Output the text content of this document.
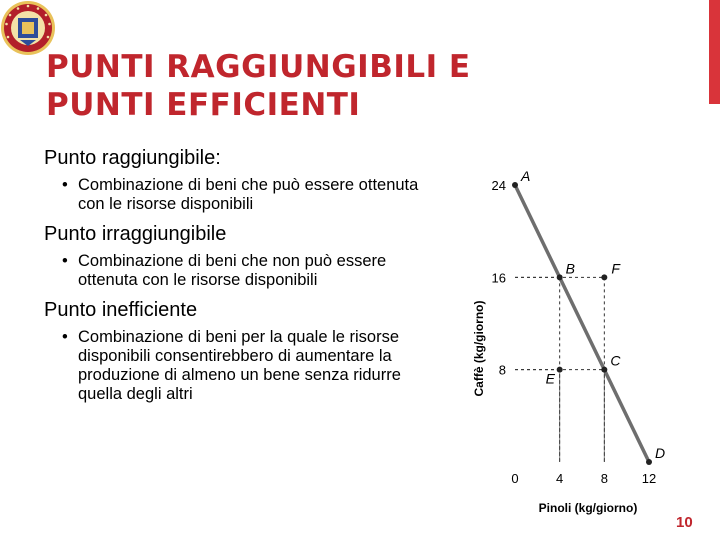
PUNTI RAGGIUNGIBILI E
PUNTI EFFICIENTI

Punto raggiungibile:

• Combinazione di beni che può essere ottenuta con le risorse disponibili

Punto irraggiungibile

• Combinazione di beni che non può essere ottenuta con le risorse disponibili

Punto inefficiente

• Combinazione di beni per la quale le risorse disponibili consentirebbero di aumentare la produzione di almeno un bene senza ridurre quella degli altri

24
16
8
0	4	8	12
A
B
C
D
E
F
Pinoli (kg/giorno)
Caffè (kg/giorno)
10
